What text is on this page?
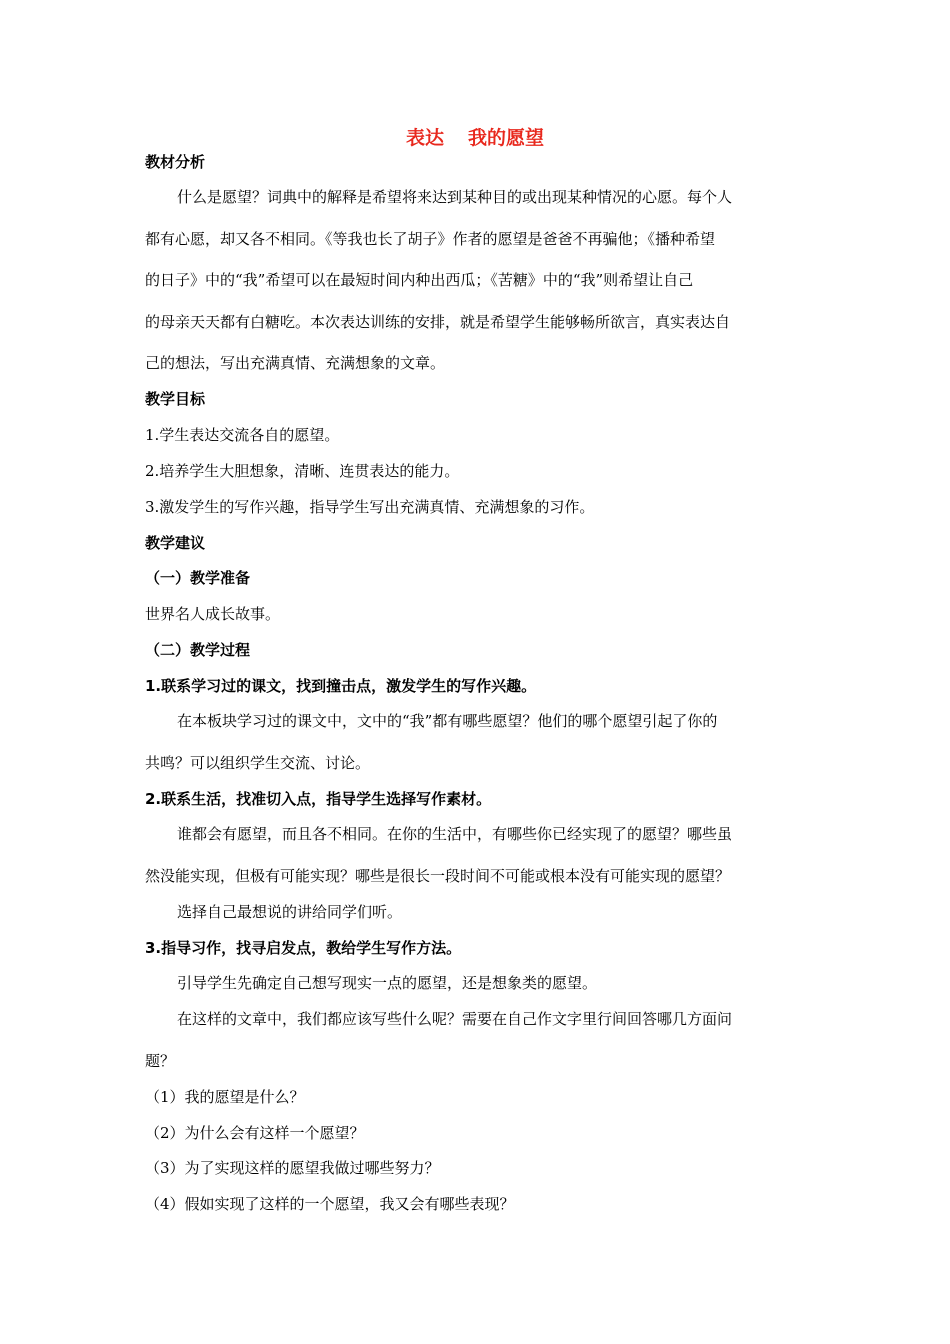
表达 我的愿望
教材分析
什么是愿望？词典中的解释是希望将来达到某种目的或出现某种情况的心愿。每个人
都有心愿，却又各不相同。《等我也长了胡子》作者的愿望是爸爸不再骗他；《播种希望
的日子》中的“我”希望可以在最短时间内种出西瓜；《苦糖》中的“我”则希望让自己
的母亲天天都有白糖吃。本次表达训练的安排，就是希望学生能够畅所欲言，真实表达自
己的想法，写出充满真情、充满想象的文章。
教学目标
1.学生表达交流各自的愿望。
2.培养学生大胆想象，清晰、连贯表达的能力。
3.激发学生的写作兴趣，指导学生写出充满真情、充满想象的习作。
教学建议
（一）教学准备
世界名人成长故事。
（二）教学过程
1.联系学习过的课文，找到撞击点，激发学生的写作兴趣。
在本板块学习过的课文中，文中的“我”都有哪些愿望？他们的哪个愿望引起了你的
共鸣？可以组织学生交流、讨论。
2.联系生活，找准切入点，指导学生选择写作素材。
谁都会有愿望，而且各不相同。在你的生活中，有哪些你已经实现了的愿望？哪些虽
然没能实现，但极有可能实现？哪些是很长一段时间不可能或根本没有可能实现的愿望？
选择自己最想说的讲给同学们听。
3.指导习作，找寻启发点，教给学生写作方法。
引导学生先确定自己想写现实一点的愿望，还是想象类的愿望。
在这样的文章中，我们都应该写些什么呢？需要在自己作文字里行间回答哪几方面问
题？
（1）我的愿望是什么？
（2）为什么会有这样一个愿望？
（3）为了实现这样的愿望我做过哪些努力？
（4）假如实现了这样的一个愿望，我又会有哪些表现？
